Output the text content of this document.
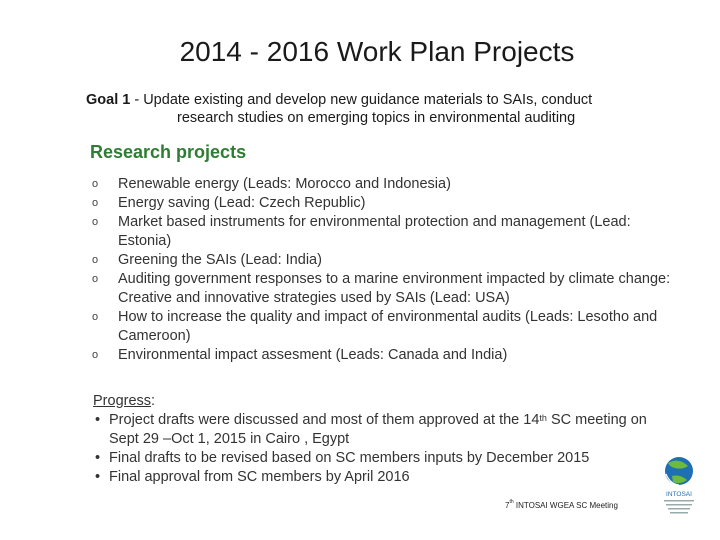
2014 - 2016 Work Plan Projects
Goal 1 - Update existing and develop new guidance materials to SAIs, conduct
research studies on emerging topics in environmental auditing
Research projects
o Renewable energy (Leads: Morocco and Indonesia)
o Energy saving (Lead: Czech Republic)
o Market based instruments for environmental protection and management (Lead: Estonia)
o Greening the SAIs (Lead: India)
o Auditing government responses to a marine environment impacted by climate change: Creative and innovative strategies used by SAIs (Lead: USA)
o How to increase the quality and impact of environmental audits (Leads: Lesotho and Cameroon)
o Environmental impact assesment (Leads: Canada and India)
Progress:
• Project drafts were discussed and most of them approved at the 14th SC meeting on Sept 29 –Oct 1, 2015 in Cairo , Egypt
• Final drafts to be revised based on SC members inputs by December 2015
• Final approval from SC members by April 2016
7th INTOSAI WGEA SC Meeting
INTOSAI
